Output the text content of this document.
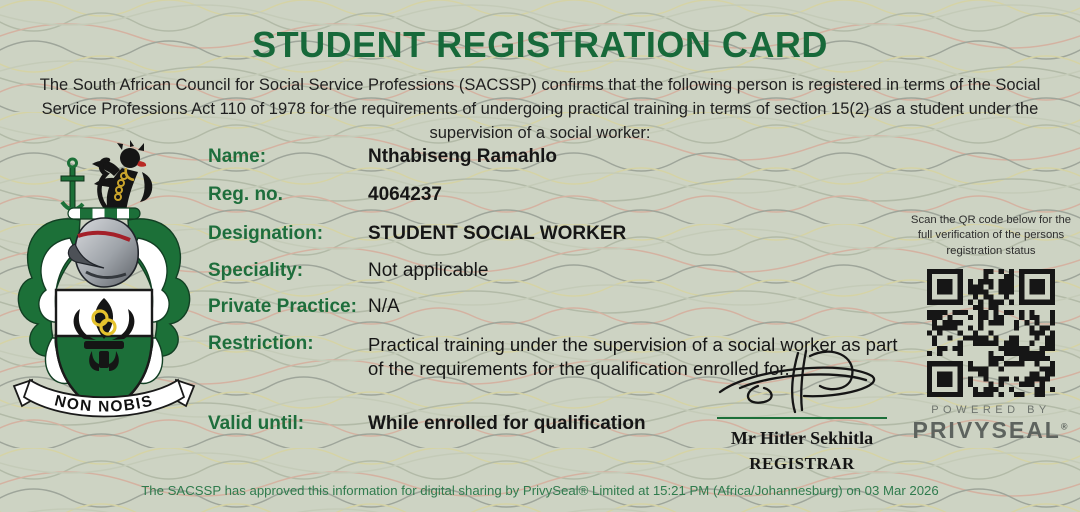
STUDENT REGISTRATION CARD
The South African Council for Social Service Professions (SACSSP) confirms that the following person is registered in terms of the Social Service Professions Act 110 of 1978 for the requirements of undergoing practical training in terms of section 15(2) as a student under the supervision of a social worker:
NON NOBIS
Name:	Nthabiseng Ramahlo
Reg. no.	4064237
Designation: STUDENT SOCIAL WORKER
Speciality:	Not applicable
Private Practice: N/A
Restriction:	Practical training under the supervision of a social worker as part of the requirements for the qualification enrolled for.
Valid until:	While enrolled for qualification
Mr Hitler Sekhitla
REGISTRAR
Scan the QR code below for the full verification of the persons registration status
POWERED BY
PRIVYSEAL®
The SACSSP has approved this information for digital sharing by PrivySeal® Limited at 15:21 PM (Africa/Johannesburg) on 03 Mar 2026
